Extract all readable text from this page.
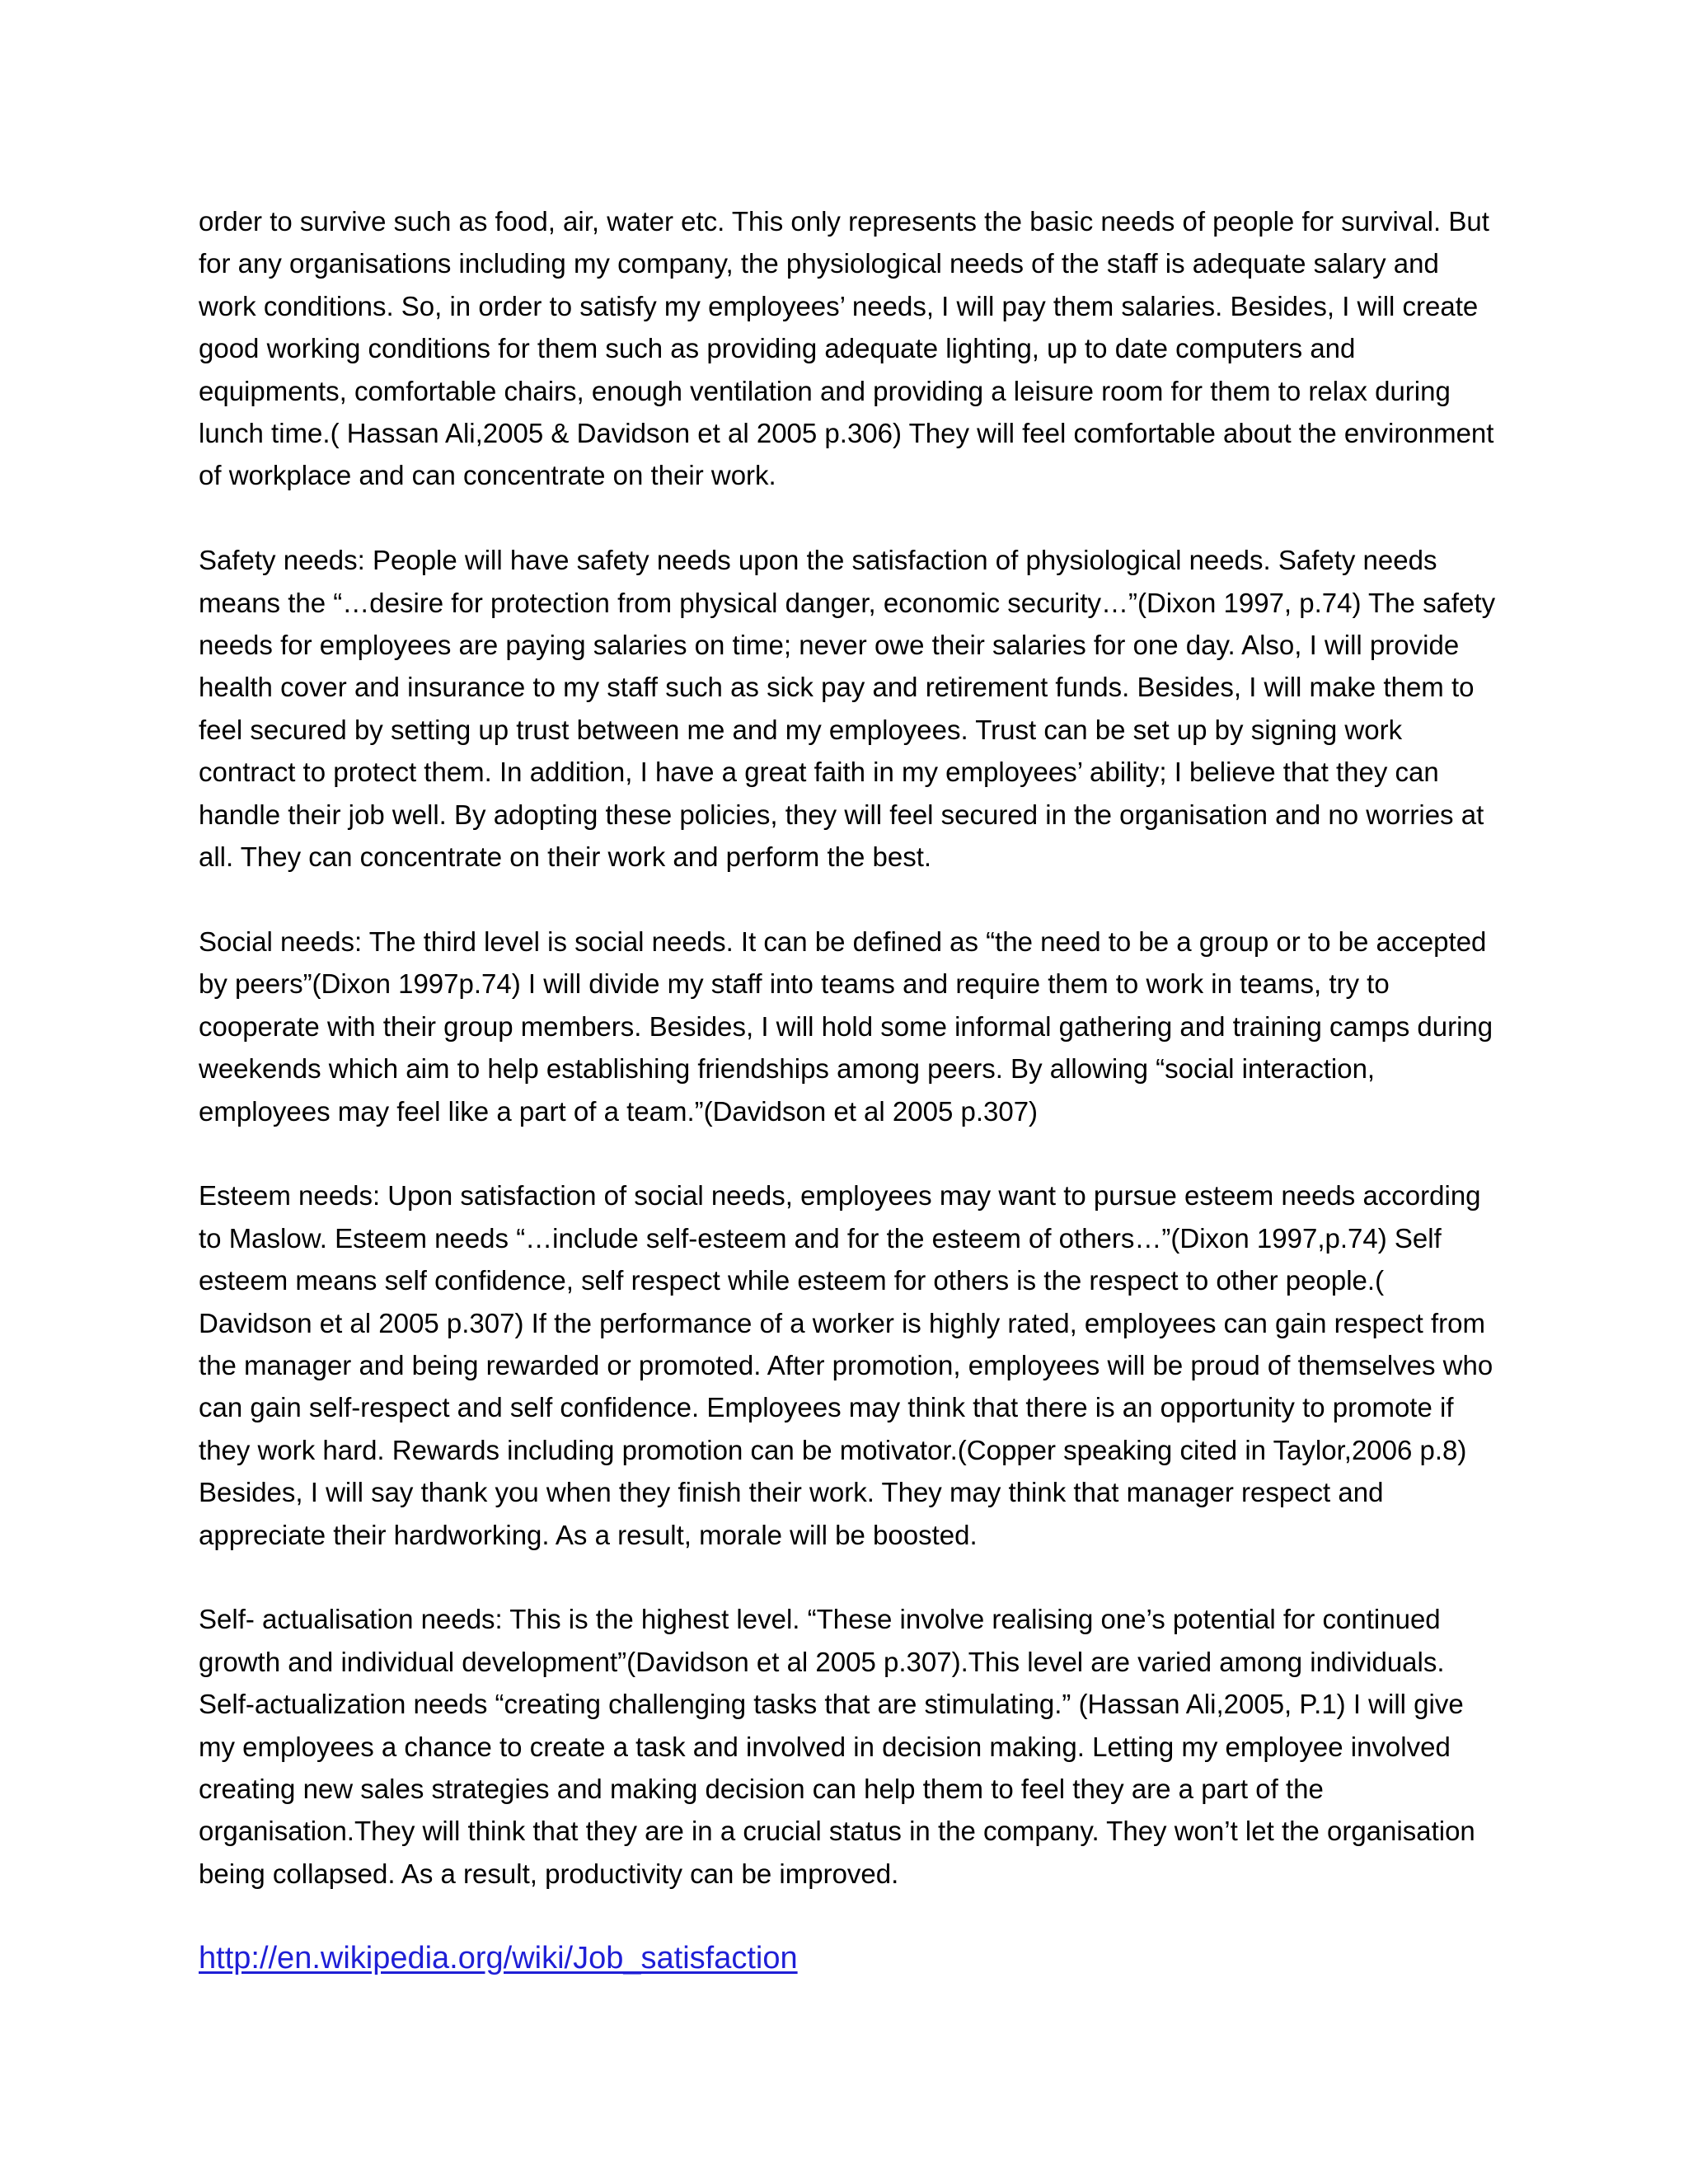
order to survive such as food, air, water etc. This only represents the basic needs of people for survival. But for any organisations including my company, the physiological needs of the staff is adequate salary and work conditions. So, in order to satisfy my employees’ needs, I will pay them salaries. Besides, I will create good working conditions for them such as providing adequate lighting, up to date computers and equipments, comfortable chairs, enough ventilation and providing a leisure room for them to relax during lunch time.( Hassan Ali,2005 & Davidson et al 2005 p.306) They will feel comfortable about the environment of workplace and can concentrate on their work.

Safety needs: People will have safety needs upon the satisfaction of physiological needs. Safety needs means the “…desire for protection from physical danger, economic security…”(Dixon 1997, p.74) The safety needs for employees are paying salaries on time; never owe their salaries for one day. Also, I will provide health cover and insurance to my staff such as sick pay and retirement funds. Besides, I will make them to feel secured by setting up trust between me and my employees. Trust can be set up by signing work contract to protect them. In addition, I have a great faith in my employees’ ability; I believe that they can handle their job well. By adopting these policies, they will feel secured in the organisation and no worries at all. They can concentrate on their work and perform the best.

Social needs: The third level is social needs. It can be defined as “the need to be a group or to be accepted by peers”(Dixon 1997p.74) I will divide my staff into teams and require them to work in teams, try to cooperate with their group members. Besides, I will hold some informal gathering and training camps during weekends which aim to help establishing friendships among peers. By allowing “social interaction, employees may feel like a part of a team.”(Davidson et al 2005 p.307)

Esteem needs: Upon satisfaction of social needs, employees may want to pursue esteem needs according to Maslow. Esteem needs “…include self-esteem and for the esteem of others…”(Dixon 1997,p.74) Self esteem means self confidence, self respect while esteem for others is the respect to other people.( Davidson et al 2005 p.307) If the performance of a worker is highly rated, employees can gain respect from the manager and being rewarded or promoted. After promotion, employees will be proud of themselves who can gain self-respect and self confidence. Employees may think that there is an opportunity to promote if they work hard. Rewards including promotion can be motivator.(Copper speaking cited in Taylor,2006 p.8) Besides, I will say thank you when they finish their work. They may think that manager respect and appreciate their hardworking. As a result, morale will be boosted.

Self- actualisation needs: This is the highest level. “These involve realising one’s potential for continued growth and individual development”(Davidson et al 2005 p.307).This level are varied among individuals. Self-actualization needs “creating challenging tasks that are stimulating.” (Hassan Ali,2005, P.1) I will give my employees a chance to create a task and involved in decision making. Letting my employee involved creating new sales strategies and making decision can help them to feel they are a part of the organisation.They will think that they are in a crucial status in the company. They won’t let the organisation being collapsed. As a result, productivity can be improved.

http://en.wikipedia.org/wiki/Job_satisfaction
